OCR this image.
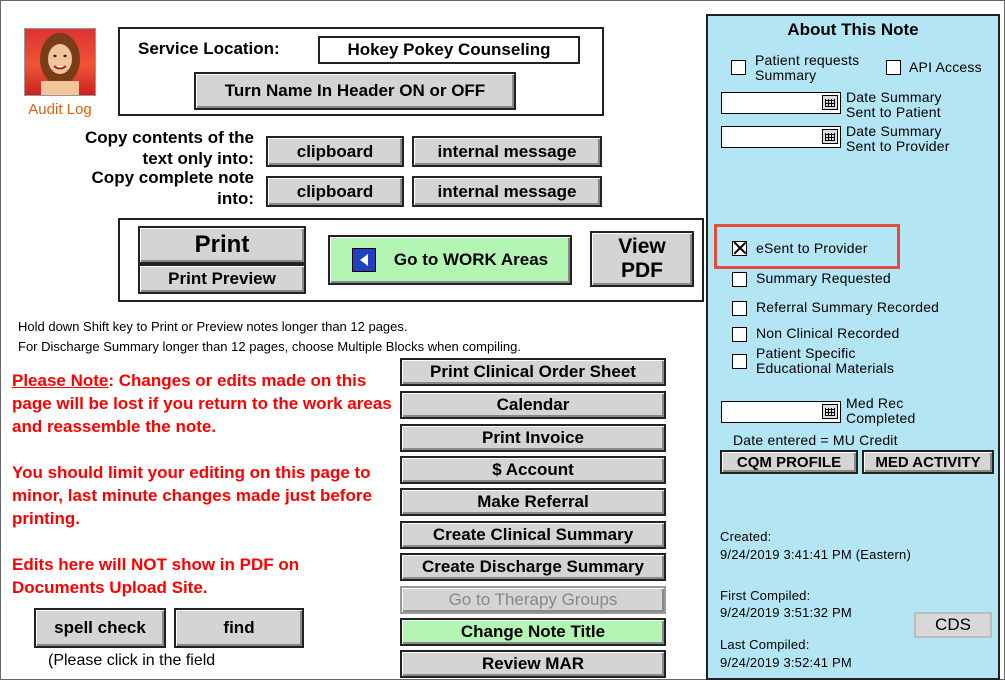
Audit Log
Service Location:	Hokey Pokey Counseling
Turn Name In Header ON or OFF
Copy contents of the text only into:
Copy complete note into:
clipboard	internal message
clipboard	internal message
Print
Print Preview
Go to WORK Areas
View PDF
Hold down Shift key to Print or Preview notes longer than 12 pages.
For Discharge Summary longer than 12 pages, choose Multiple Blocks when compiling.
Please Note: Changes or edits made on this page will be lost if you return to the work areas and reassemble the note.
You should limit your editing on this page to minor, last minute changes made just before printing.
Edits here will NOT show in PDF on Documents Upload Site.
Print Clinical Order Sheet
Calendar
Print Invoice
$ Account
Make Referral
Create Clinical Summary
Create Discharge Summary
Go to Therapy Groups
Change Note Title
Review MAR
spell check	find
(Please click in the field
About This Note
Patient requests Summary	API Access
Date Summary Sent to Patient
Date Summary Sent to Provider
eSent to Provider
Summary Requested
Referral Summary Recorded
Non Clinical Recorded
Patient Specific Educational Materials
Med Rec Completed
Date entered = MU Credit
CQM PROFILE	MED ACTIVITY
Created:
9/24/2019 3:41:41 PM (Eastern)
First Compiled:
9/24/2019 3:51:32 PM
Last Compiled:
9/24/2019 3:52:41 PM
CDS
